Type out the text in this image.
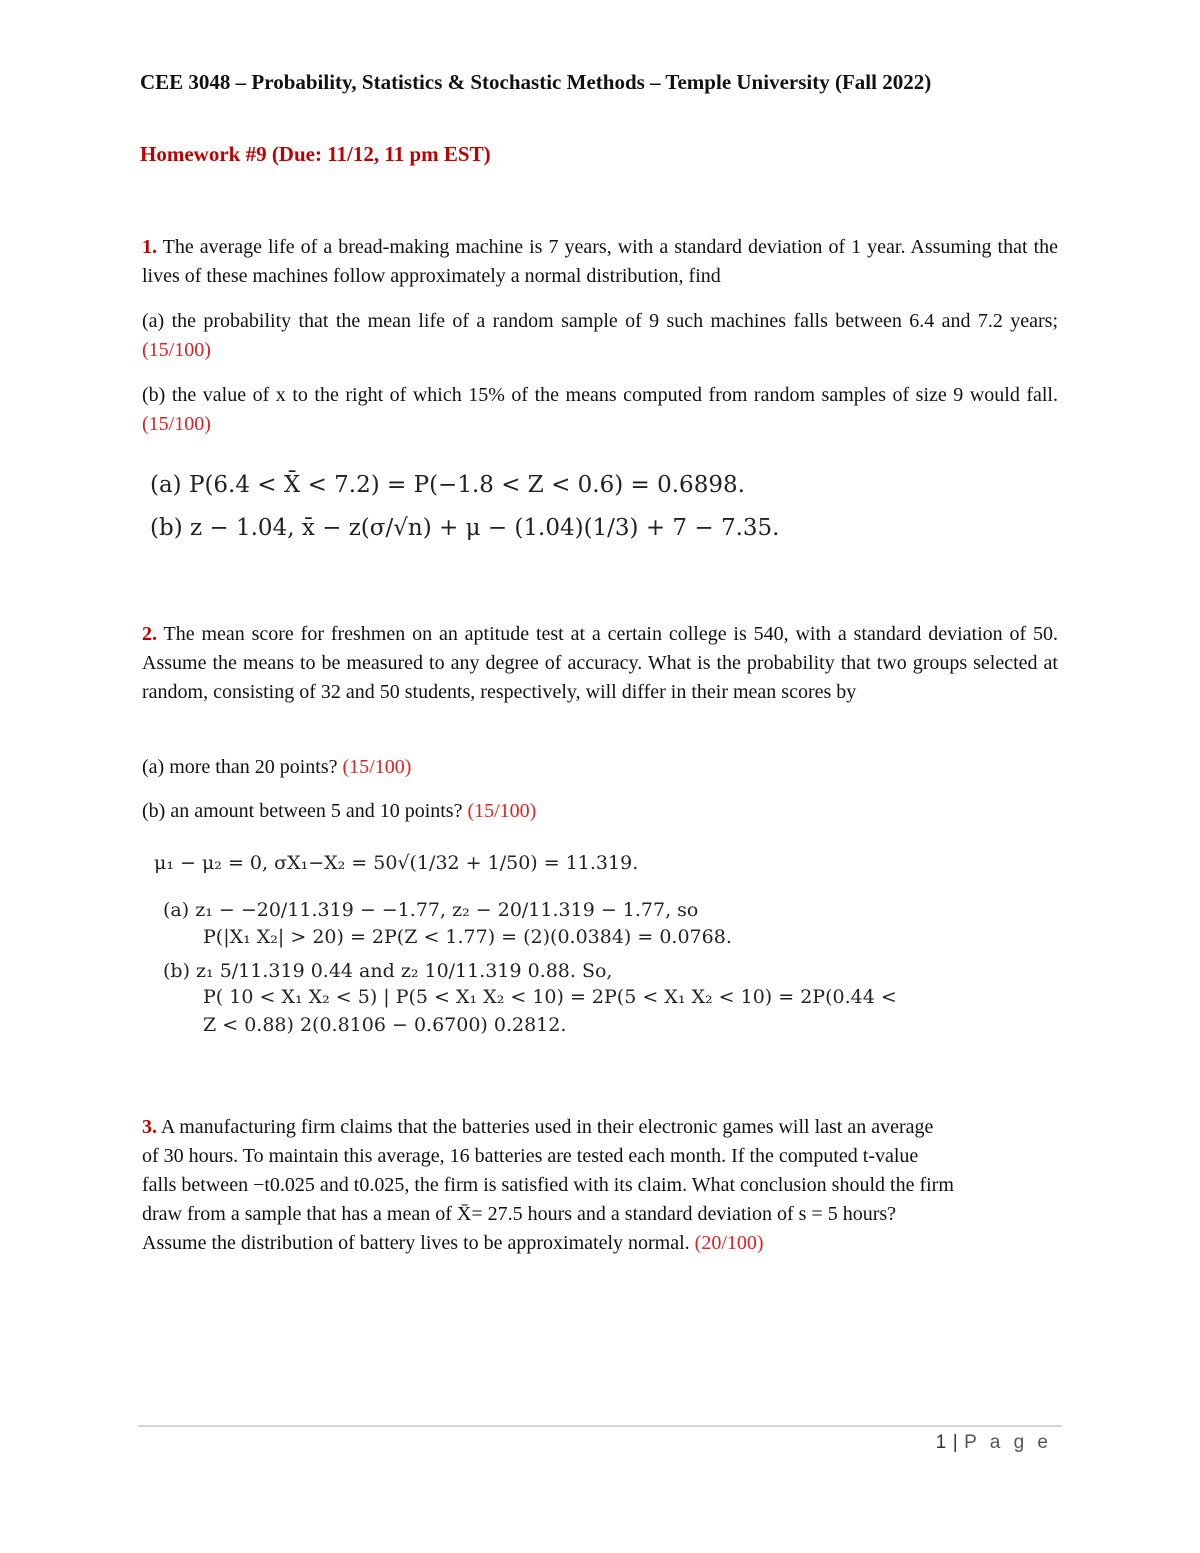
CEE 3048 – Probability, Statistics & Stochastic Methods – Temple University (Fall 2022)
Homework #9 (Due: 11/12, 11 pm EST)

1. The average life of a bread-making machine is 7 years, with a standard deviation of 1 year. Assuming that the lives of these machines follow approximately a normal distribution, find

(a) the probability that the mean life of a random sample of 9 such machines falls between 6.4 and 7.2 years; (15/100)

(b) the value of x to the right of which 15% of the means computed from random samples of size 9 would fall. (15/100)

(a) P(6.4 < X̄ < 7.2) = P(−1.8 < Z < 0.6) = 0.6898.
(b) z − 1.04, x̄ − z(σ/√n) + μ − (1.04)(1/3) + 7 − 7.35.

2. The mean score for freshmen on an aptitude test at a certain college is 540, with a standard deviation of 50. Assume the means to be measured to any degree of accuracy. What is the probability that two groups selected at random, consisting of 32 and 50 students, respectively, will differ in their mean scores by

(a) more than 20 points? (15/100)

(b) an amount between 5 and 10 points? (15/100)

μ₁ − μ₂ = 0, σX₁−X₂ = 50√(1/32 + 1/50) = 11.319.
(a) z₁ − −20/11.319 − −1.77, z₂ − 20/11.319 − 1.77, so
P(|X₁ X₂| > 20) = 2P(Z < 1.77) = (2)(0.0384) = 0.0768.
(b) z₁ 5/11.319 0.44 and z₂ 10/11.319 0.88. So,
P( 10 < X₁ X₂ < 5) | P(5 < X₁ X₂ < 10) = 2P(5 < X₁ X₂ < 10) = 2P(0.44 <
Z < 0.88) 2(0.8106 − 0.6700) 0.2812.
3. A manufacturing firm claims that the batteries used in their electronic games will last an average
of 30 hours. To maintain this average, 16 batteries are tested each month. If the computed t-value
falls between −t0.025 and t0.025, the firm is satisfied with its claim. What conclusion should the firm
draw from a sample that has a mean of X̄= 27.5 hours and a standard deviation of s = 5 hours?
Assume the distribution of battery lives to be approximately normal. (20/100)
1 | P a g e
